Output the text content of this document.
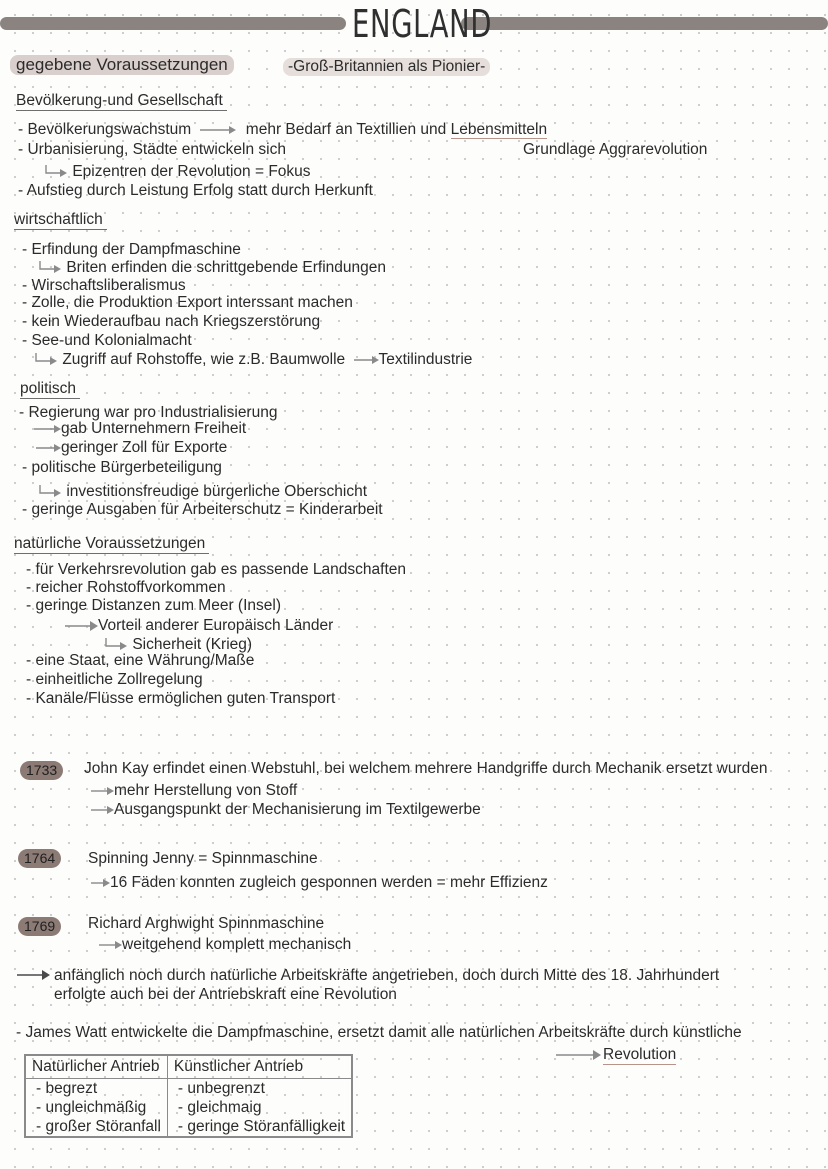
ENGLAND
gegebene Voraussetzungen	-Groß-Britannien als Pionier-
Bevölkerung-und Gesellschaft
- Bevölkerungswachstum	mehr Bedarf an Textillien und Lebensmitteln
Grundlage Aggrarevolution
- Urbanisierung, Städte entwickeln sich
Epizentren der Revolution = Fokus
- Aufstieg durch Leistung Erfolg statt durch Herkunft
wirtschaftlich
- Erfindung der Dampfmaschine
Briten erfinden die schrittgebende Erfindungen
- Wirschaftsliberalismus
- Zolle, die Produktion Export interssant machen
- kein Wiederaufbau nach Kriegszerstörung
- See-und Kolonialmacht
Zugriff auf Rohstoffe, wie z.B. Baumwolle Textilindustrie
politisch
- Regierung war pro Industrialisierung
gab Unternehmern Freiheit
geringer Zoll für Exporte
- politische Bürgerbeteiligung
investitionsfreudige bürgerliche Oberschicht
- geringe Ausgaben für Arbeiterschutz = Kinderarbeit
natürliche Voraussetzungen
- für Verkehrsrevolution gab es passende Landschaften
- reicher Rohstoffvorkommen
- geringe Distanzen zum Meer (Insel)
Vorteil anderer Europäisch Länder
Sicherheit (Krieg)
- eine Staat, eine Währung/Maße
- einheitliche Zollregelung
- Kanäle/Flüsse ermöglichen guten Transport
1733	John Kay erfindet einen Webstuhl, bei welchem mehrere Handgriffe durch Mechanik ersetzt wurden
mehr Herstellung von Stoff
Ausgangspunkt der Mechanisierung im Textilgewerbe
1764	Spinning Jenny = Spinnmaschine
16 Fäden konnten zugleich gesponnen werden = mehr Effizienz
1769	Richard Arghwight Spinnmaschine
weitgehend komplett mechanisch
anfänglich noch durch natürliche Arbeitskräfte angetrieben, doch durch Mitte des 18. Jahrhundert
erfolgte auch bei der Antriebskraft eine Revolution
- James Watt entwickelte die Dampfmaschine, ersetzt damit alle natürlichen Arbeitskräfte durch künstliche
Revolution
Natürlicher Antrieb	Künstlicher Antrieb
- begrezt	- unbegrenzt
- ungleichmäßig	- gleichmaig
- großer Störanfall	- geringe Störanfälligkeit
